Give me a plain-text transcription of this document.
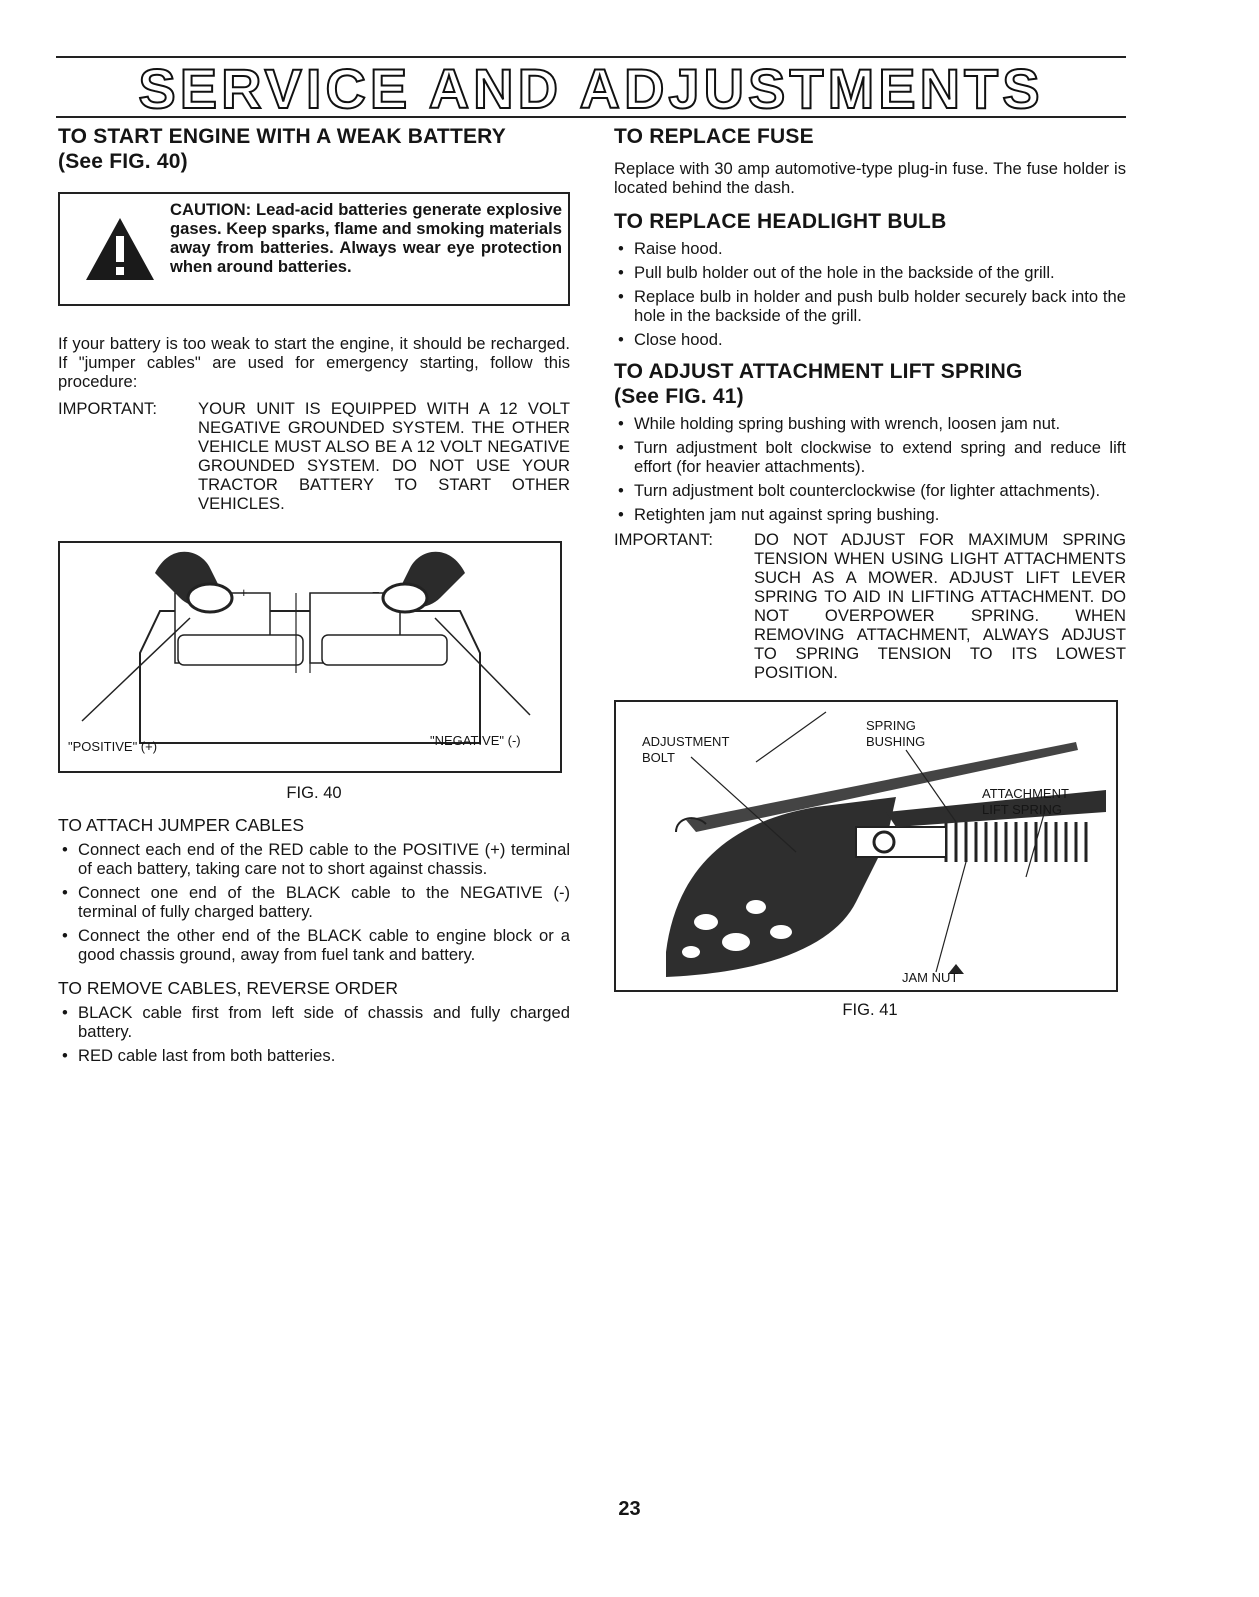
SERVICE AND ADJUSTMENTS
TO START ENGINE WITH A WEAK BATTERY
(See FIG. 40)
CAUTION: Lead-acid batteries generate explosive gases. Keep sparks, flame and smoking materials away from batteries. Always wear eye protection when around batteries.

If your battery is too weak to start the engine, it should be recharged. If "jumper cables" are used for emergency starting, follow this procedure:

IMPORTANT:	YOUR UNIT IS EQUIPPED WITH A 12 VOLT NEGATIVE GROUNDED SYSTEM. THE OTHER VEHICLE MUST ALSO BE A 12 VOLT NEGATIVE GROUNDED SYSTEM. DO NOT USE YOUR TRACTOR BATTERY TO START OTHER VEHICLES.
+	−
"POSITIVE" (+)	"NEGATIVE" (-)
FIG. 40

TO ATTACH JUMPER CABLES

• Connect each end of the RED cable to the POSITIVE (+) terminal of each battery, taking care not to short against chassis.
• Connect one end of the BLACK cable to the NEGATIVE (-) terminal of fully charged battery.
• Connect the other end of the BLACK cable to engine block or a good chassis ground, away from fuel tank and battery.

TO REMOVE CABLES, REVERSE ORDER

• BLACK cable first from left side of chassis and fully charged battery.
• RED cable last from both batteries.
TO REPLACE FUSE

Replace with 30 amp automotive-type plug-in fuse. The fuse holder is located behind the dash.

TO REPLACE HEADLIGHT BULB
• Raise hood.
• Pull bulb holder out of the hole in the backside of the grill.
• Replace bulb in holder and push bulb holder securely back into the hole in the backside of the grill.
• Close hood.
TO ADJUST ATTACHMENT LIFT SPRING
(See FIG. 41)
• While holding spring bushing with wrench, loosen jam nut.
• Turn adjustment bolt clockwise to extend spring and reduce lift effort (for heavier attachments).
• Turn adjustment bolt counterclockwise (for lighter attachments).
• Retighten jam nut against spring bushing.
IMPORTANT:	DO NOT ADJUST FOR MAXIMUM SPRING TENSION WHEN USING LIGHT ATTACHMENTS SUCH AS A MOWER. ADJUST LIFT LEVER SPRING TO AID IN LIFTING ATTACHMENT. DO NOT OVERPOWER SPRING. WHEN REMOVING ATTACHMENT, ALWAYS ADJUST TO SPRING TENSION TO ITS LOWEST POSITION.
ADJUSTMENT
BOLT
SPRING
BUSHING
ATTACHMENT
LIFT SPRING
JAM NUT
FIG. 41
23
